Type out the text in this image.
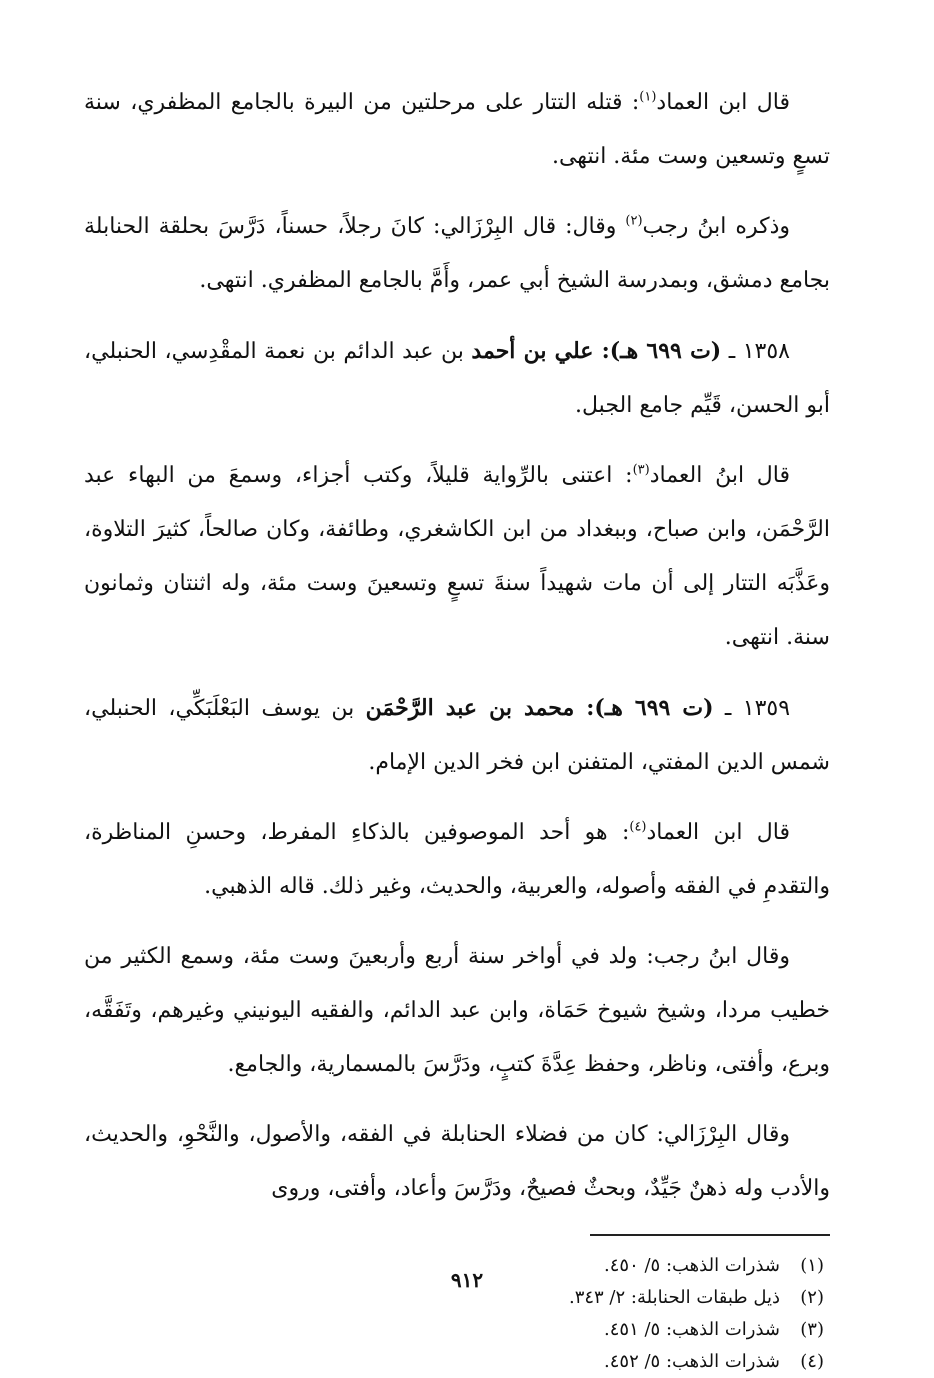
قال ابن العماد$^{(١)}$: قتله التتار على مرحلتين من البيرة بالجامع المظفري، سنة تسعٍ وتسعين وست مئة. انتهى.

وذكره ابنُ رجب$^{(٢)}$ وقال: قال البِرْزَالي: كانَ رجلاً، حسناً، دَرَّسَ بحلقة الحنابلة بجامع دمشق، وبمدرسة الشيخ أبي عمر، وأَمَّ بالجامع المظفري. انتهى.

١٣٥٨ ـ (ت ٦٩٩ هـ): علي بن أحمد بن عبد الدائم بن نعمة المقْدِسي، الحنبلي، أبو الحسن، قَيِّم جامع الجبل.

قال ابنُ العماد$^{(٣)}$: اعتنى بالرِّواية قليلاً، وكتب أجزاء، وسمعَ من البهاء عبد الرَّحْمَن، وابن صباح، وببغداد من ابن الكاشغري، وطائفة، وكان صالحاً، كثيرَ التلاوة، وعَذَّبَه التتار إلى أن مات شهيداً سنةَ تسعٍ وتسعينَ وست مئة، وله اثنتان وثمانون سنة. انتهى.

١٣٥٩ ـ (ت ٦٩٩ هـ): محمد بن عبد الرَّحْمَن بن يوسف البَعْلَبَكِّي، الحنبلي، شمس الدين المفتي، المتفنن ابن فخر الدين الإمام.

قال ابن العماد$^{(٤)}$: هو أحد الموصوفين بالذكاءِ المفرط، وحسنِ المناظرة، والتقدمِ في الفقه وأصوله، والعربية، والحديث، وغير ذلك. قاله الذهبي.

وقال ابنُ رجب: ولد في أواخر سنة أربع وأربعينَ وست مئة، وسمع الكثير من خطيب مردا، وشيخ شيوخ حَمَاة، وابن عبد الدائم، والفقيه اليونيني وغيرهم، وتَفَقَّه، وبرع، وأفتى، وناظر، وحفظ عِدَّةَ كتبٍ، ودَرَّسَ بالمسمارية، والجامع.

وقال البِرْزَالي: كان من فضلاء الحنابلة في الفقه، والأصول، والنَّحْوِ، والحديث، والأدب وله ذهنٌ جَيِّدٌ، وبحثٌ فصيحٌ، ودَرَّسَ وأعاد، وأفتى، وروى

(١)شذرات الذهب: ٥/ ٤٥٠.

(٢)ذيل طبقات الحنابلة: ٢/ ٣٤٣.

(٣)شذرات الذهب: ٥/ ٤٥١.

(٤)شذرات الذهب: ٥/ ٤٥٢.

٩١٢
